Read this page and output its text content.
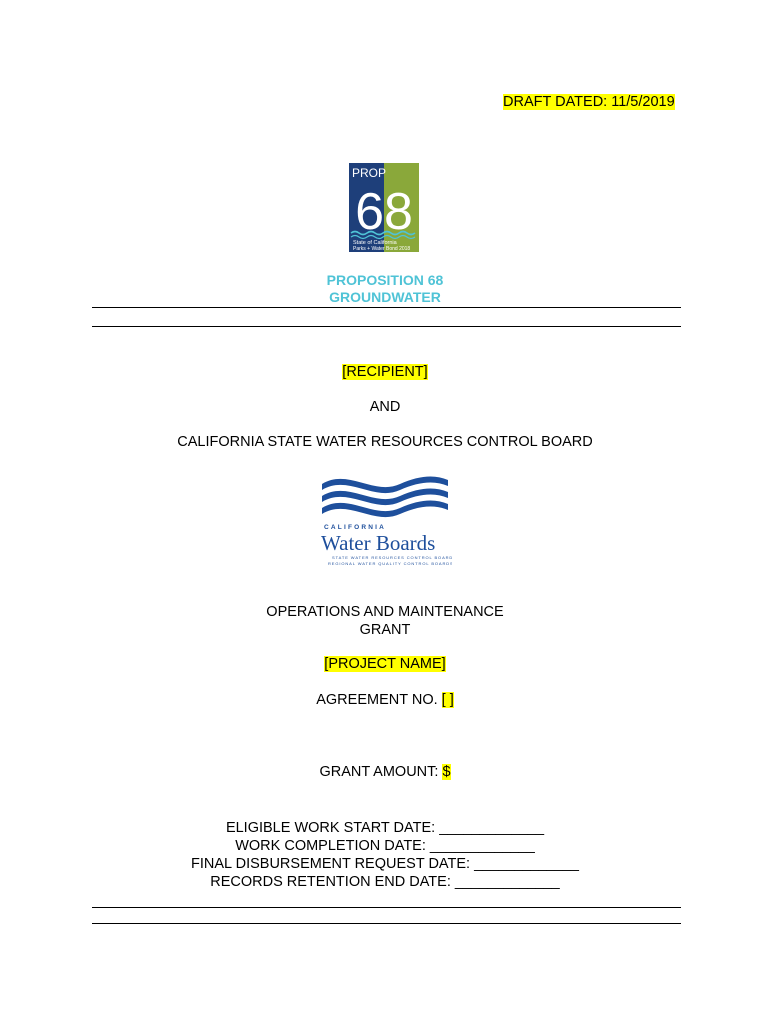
DRAFT DATED: 11/5/2019
PROP
68
State of California
Parks + Water Bond 2018
PROPOSITION 68
GROUNDWATER
[RECIPIENT]
AND
CALIFORNIA STATE WATER RESOURCES CONTROL BOARD
CALIFORNIA
Water Boards
STATE WATER RESOURCES CONTROL BOARD
REGIONAL WATER QUALITY CONTROL BOARDS
OPERATIONS AND MAINTENANCE
GRANT
[PROJECT NAME]
AGREEMENT NO. [ ]
GRANT AMOUNT: $
ELIGIBLE WORK START DATE: _____________
WORK COMPLETION DATE: _____________
FINAL DISBURSEMENT REQUEST DATE: _____________
RECORDS RETENTION END DATE: _____________
